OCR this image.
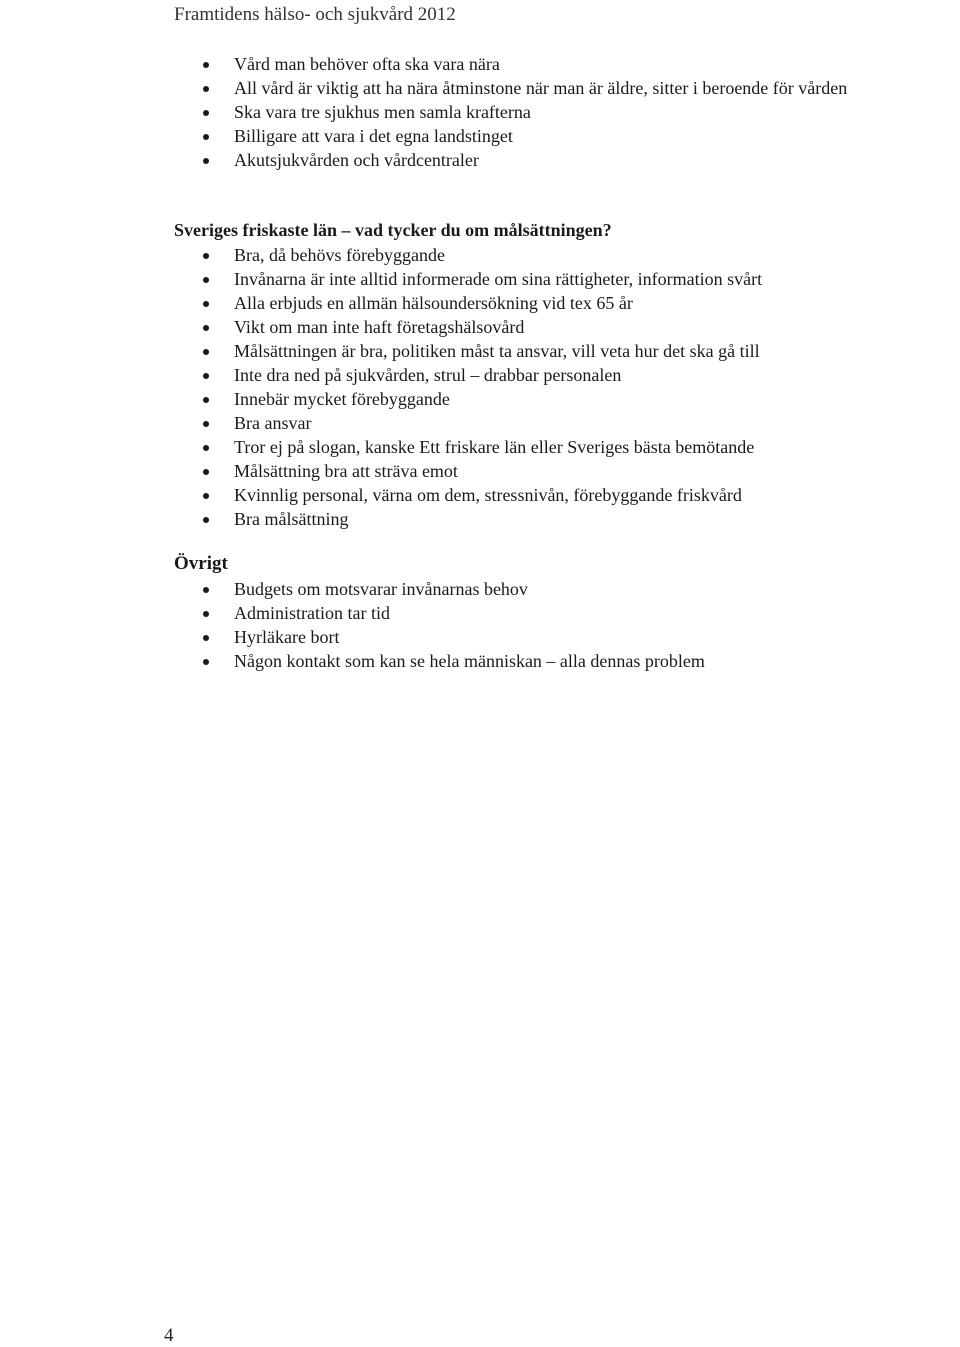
Framtidens hälso- och sjukvård 2012
Vård man behöver ofta ska vara nära
All vård är viktig att ha nära åtminstone när man är äldre, sitter i beroende för vården
Ska vara tre sjukhus men samla krafterna
Billigare att vara i det egna landstinget
Akutsjukvården och vårdcentraler

Sveriges friskaste län – vad tycker du om målsättningen?

Bra, då behövs förebyggande
Invånarna är inte alltid informerade om sina rättigheter, information svårt
Alla erbjuds en allmän hälsoundersökning vid tex 65 år
Vikt om man inte haft företagshälsovård
Målsättningen är bra, politiken måst ta ansvar, vill veta hur det ska gå till
Inte dra ned på sjukvården, strul – drabbar personalen
Innebär mycket förebyggande
Bra ansvar
Tror ej på slogan, kanske Ett friskare län eller Sveriges bästa bemötande
Målsättning bra att sträva emot
Kvinnlig personal, värna om dem, stressnivån, förebyggande friskvård
Bra målsättning

Övrigt

Budgets om motsvarar invånarnas behov
Administration tar tid
Hyrläkare bort
Någon kontakt som kan se hela människan – alla dennas problem
4
